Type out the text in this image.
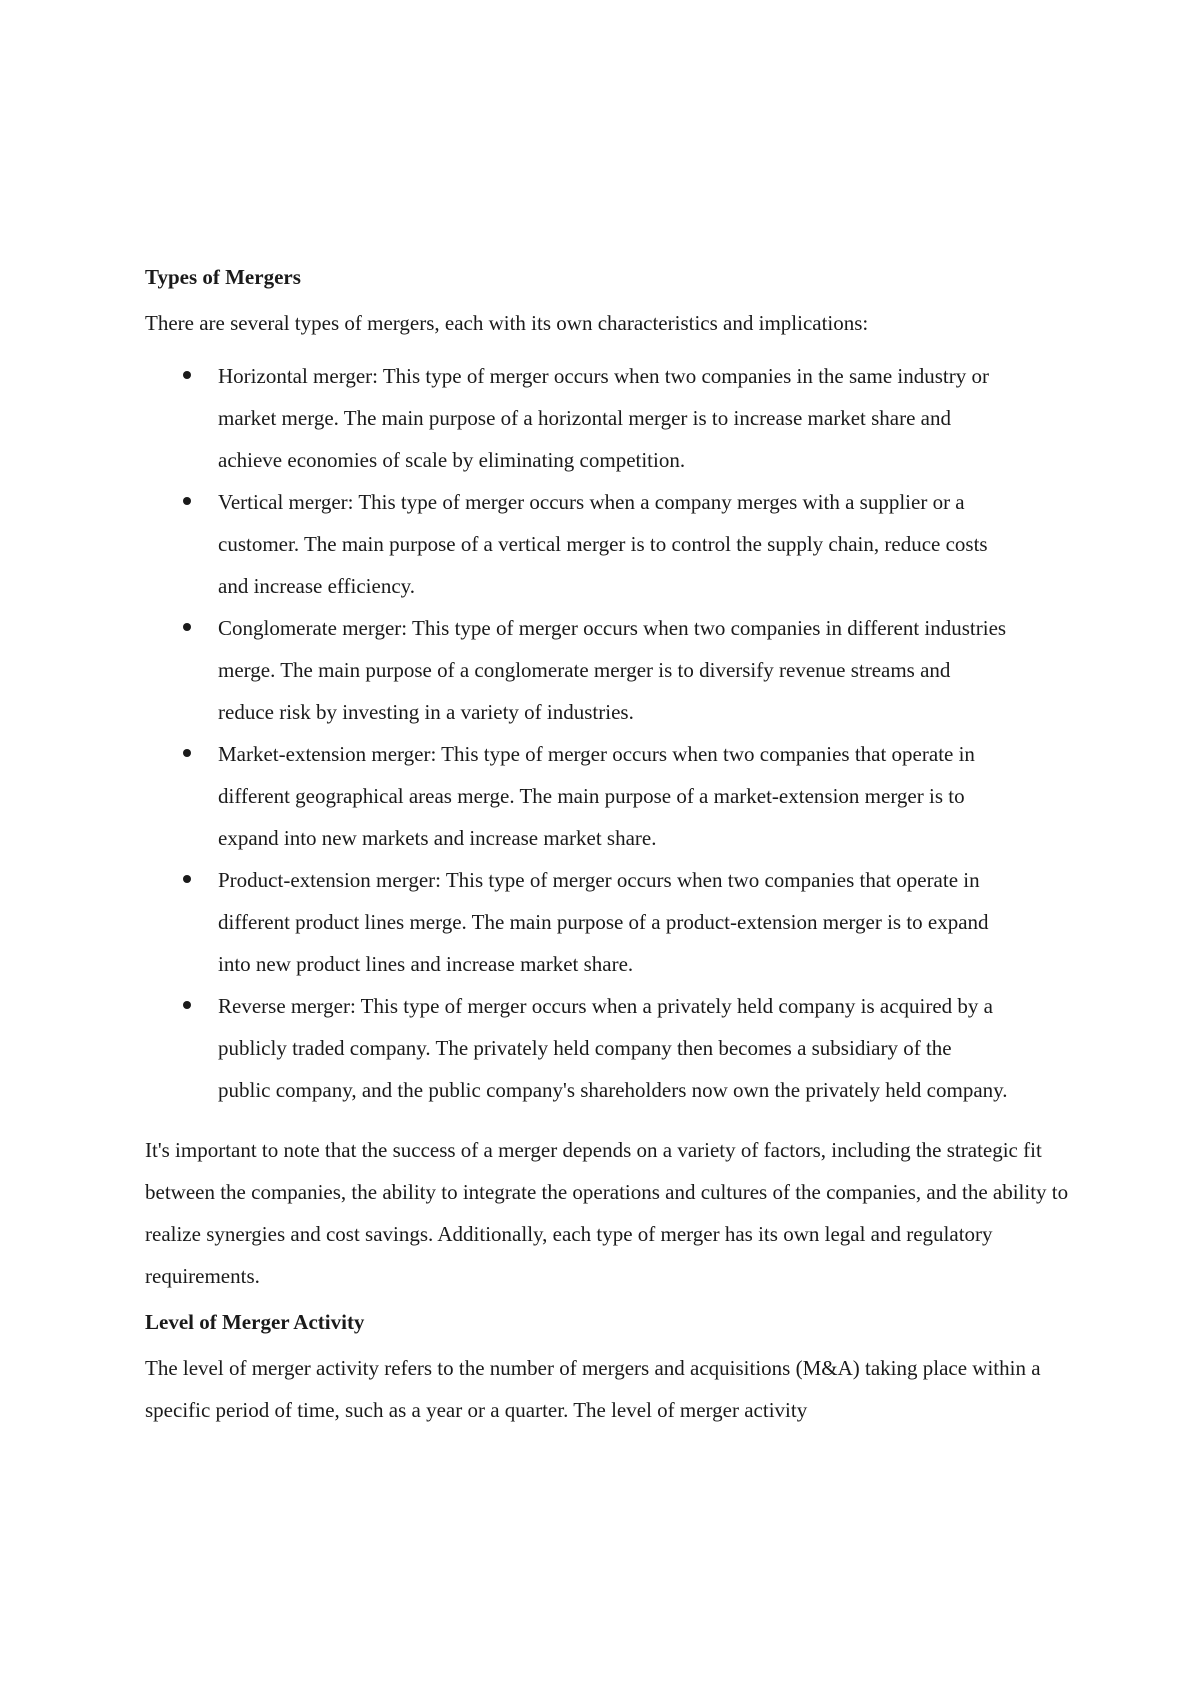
Types of Mergers
There are several types of mergers, each with its own characteristics and implications:
Horizontal merger: This type of merger occurs when two companies in the same industry or market merge. The main purpose of a horizontal merger is to increase market share and achieve economies of scale by eliminating competition.
Vertical merger: This type of merger occurs when a company merges with a supplier or a customer. The main purpose of a vertical merger is to control the supply chain, reduce costs and increase efficiency.
Conglomerate merger: This type of merger occurs when two companies in different industries merge. The main purpose of a conglomerate merger is to diversify revenue streams and reduce risk by investing in a variety of industries.
Market-extension merger: This type of merger occurs when two companies that operate in different geographical areas merge. The main purpose of a market-extension merger is to expand into new markets and increase market share.
Product-extension merger: This type of merger occurs when two companies that operate in different product lines merge. The main purpose of a product-extension merger is to expand into new product lines and increase market share.
Reverse merger: This type of merger occurs when a privately held company is acquired by a publicly traded company. The privately held company then becomes a subsidiary of the public company, and the public company's shareholders now own the privately held company.
It's important to note that the success of a merger depends on a variety of factors, including the strategic fit between the companies, the ability to integrate the operations and cultures of the companies, and the ability to realize synergies and cost savings. Additionally, each type of merger has its own legal and regulatory requirements.
Level of Merger Activity
The level of merger activity refers to the number of mergers and acquisitions (M&A) taking place within a specific period of time, such as a year or a quarter. The level of merger activity
